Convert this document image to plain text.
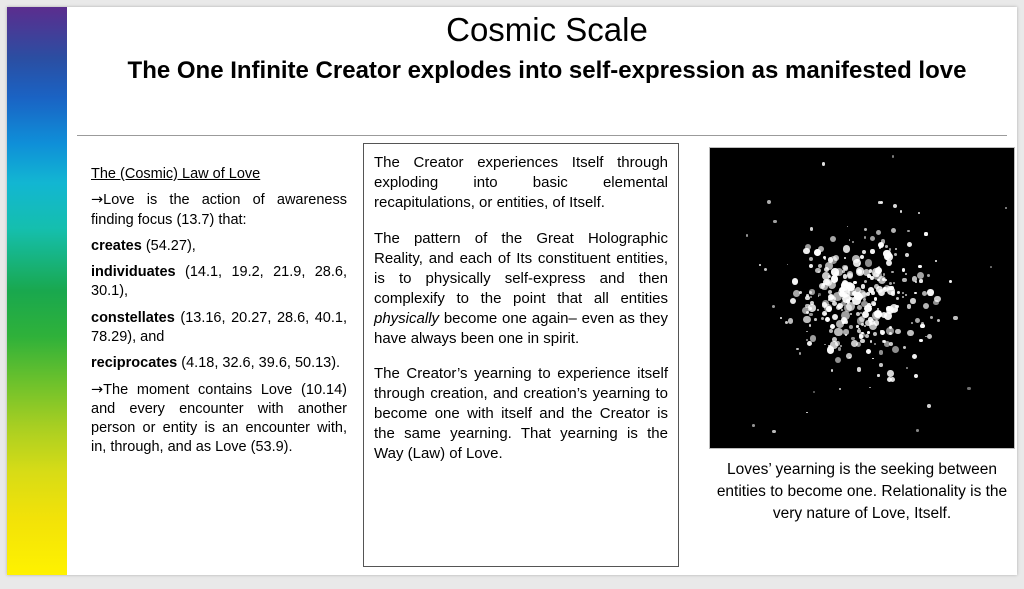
Cosmic Scale
The One Infinite Creator explodes into self-expression as manifested love
The (Cosmic) Law of Love

→Love is the action of awareness finding focus (13.7) that:

creates (54.27),

individuates (14.1, 19.2, 21.9, 28.6, 30.1),

constellates (13.16, 20.27, 28.6, 40.1, 78.29), and

reciprocates (4.18, 32.6, 39.6, 50.13).

→The moment contains Love (10.14) and every encounter with another person or entity is an encounter with, in, through, and as Love (53.9).

The Creator experiences Itself through exploding into basic elemental recapitulations, or entities, of Itself.

The pattern of the Great Holographic Reality, and each of Its constituent entities, is to physically self-express and then complexify to the point that all entities physically become one again– even as they have always been one in spirit.

The Creator’s yearning to experience itself through creation, and creation’s yearning to become one with itself and the Creator is the same yearning. That yearning is the Way (Law) of Love.

Loves’ yearning is the seeking between entities to become one. Relationality is the very nature of Love, Itself.
